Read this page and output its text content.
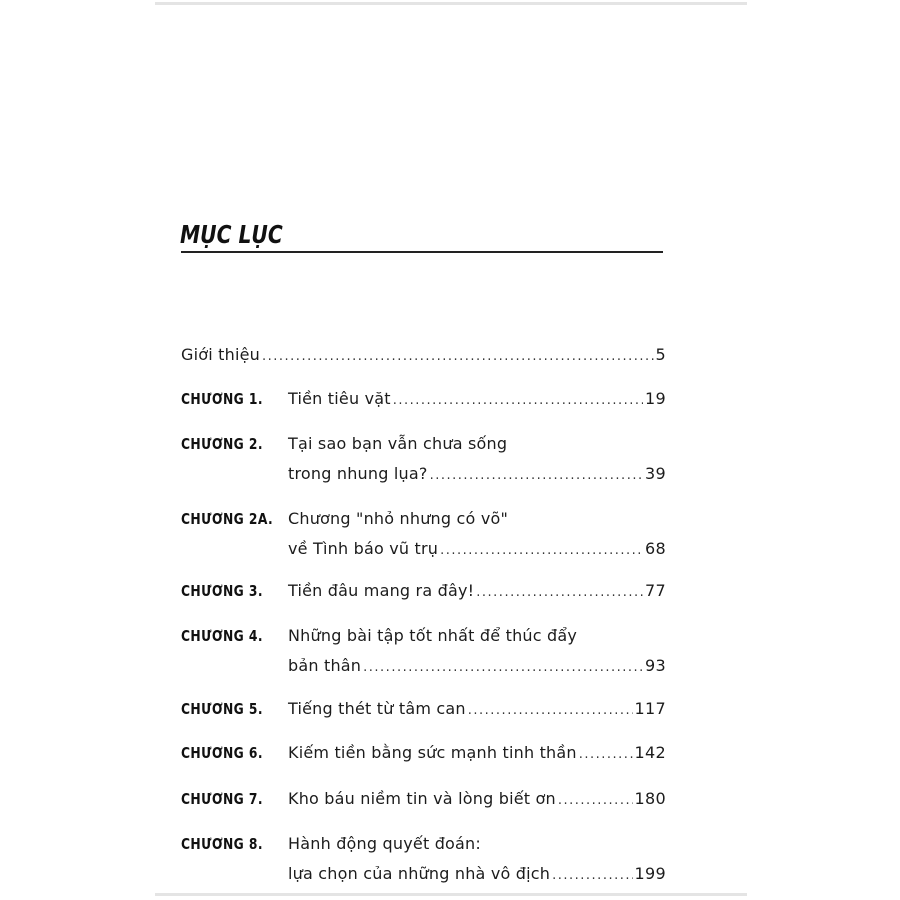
MỤC LỤC
Giới thiệu .....	5
CHƯƠNG 1.	Tiền tiêu vặt .....	19
CHƯƠNG 2.	Tại sao bạn vẫn chưa sống
trong nhung lụa? .....	39
CHƯƠNG 2A. Chương "nhỏ nhưng có võ"
về Tình báo vũ trụ .....	68
CHƯƠNG 3.	Tiền đâu mang ra đây! .....	77
CHƯƠNG 4.	Những bài tập tốt nhất để thúc đẩy
bản thân .....	93
CHƯƠNG 5.	Tiếng thét từ tâm can .....	117
CHƯƠNG 6.	Kiếm tiền bằng sức mạnh tinh thần .....	142
CHƯƠNG 7.	Kho báu niềm tin và lòng biết ơn .....	180
CHƯƠNG 8.	Hành động quyết đoán:
lựa chọn của những nhà vô địch .....	199
